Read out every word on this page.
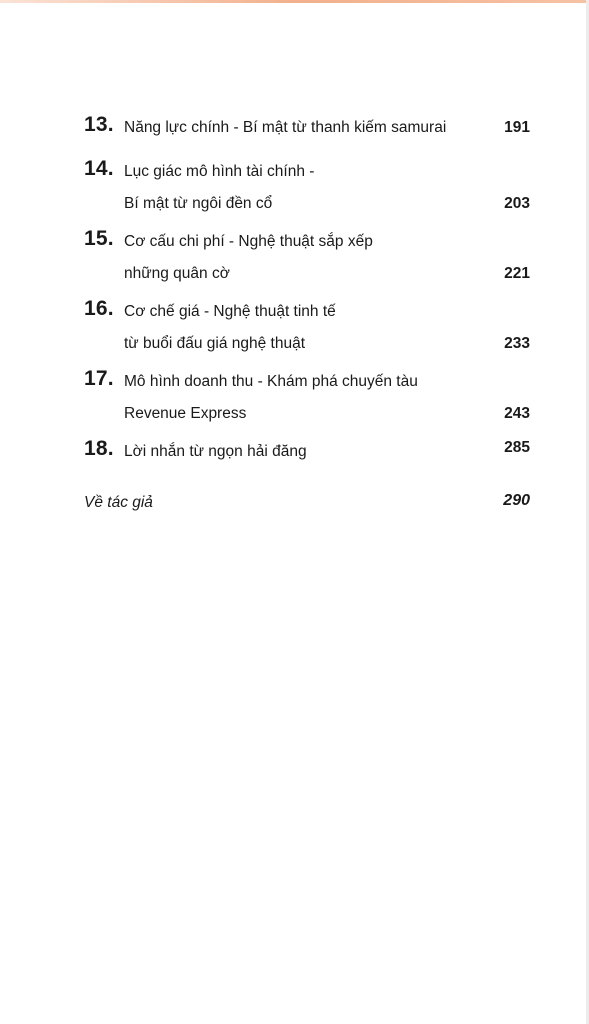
13. Năng lực chính - Bí mật từ thanh kiếm samurai	191
14. Lục giác mô hình tài chính -
Bí mật từ ngôi đền cổ	203
15. Cơ cấu chi phí - Nghệ thuật sắp xếp
những quân cờ	221
16. Cơ chế giá - Nghệ thuật tinh tế
từ buổi đấu giá nghệ thuật	233
17. Mô hình doanh thu - Khám phá chuyến tàu
Revenue Express	243
18. Lời nhắn từ ngọn hải đăng	285
Về tác giả	290
